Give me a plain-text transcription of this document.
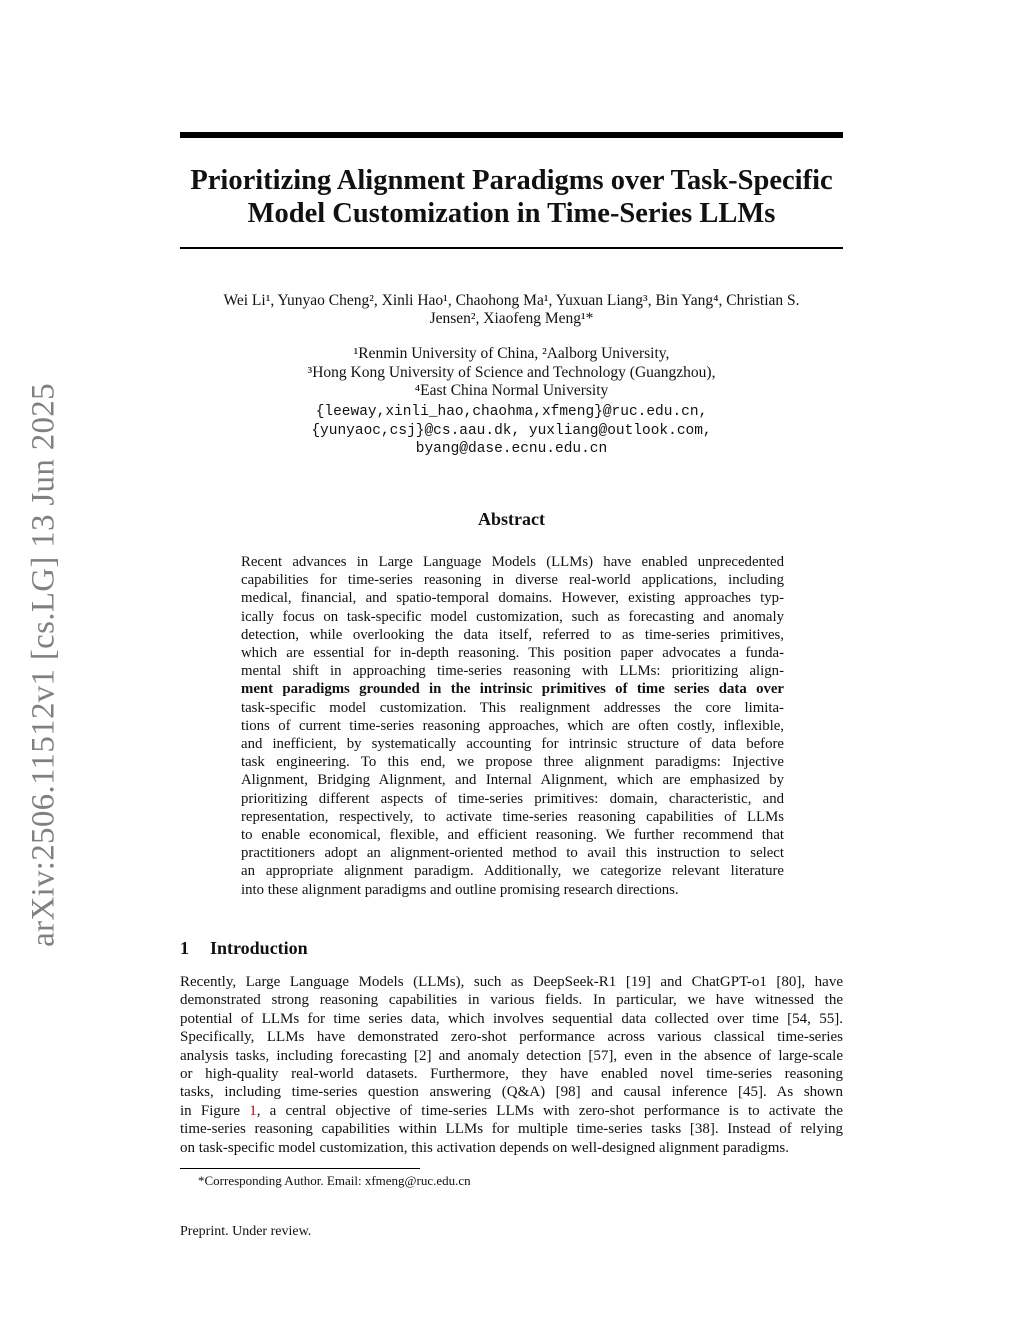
arXiv:2506.11512v1 [cs.LG] 13 Jun 2025
Prioritizing Alignment Paradigms over Task-Specific
Model Customization in Time-Series LLMs
Wei Li¹, Yunyao Cheng², Xinli Hao¹, Chaohong Ma¹, Yuxuan Liang³, Bin Yang⁴, Christian S.
Jensen², Xiaofeng Meng¹*
¹Renmin University of China, ²Aalborg University,
³Hong Kong University of Science and Technology (Guangzhou),
⁴East China Normal University
{leeway,xinli_hao,chaohma,xfmeng}@ruc.edu.cn,
{yunyaoc,csj}@cs.aau.dk, yuxliang@outlook.com,
byang@dase.ecnu.edu.cn
Abstract
Recent advances in Large Language Models (LLMs) have enabled unprecedented
capabilities for time-series reasoning in diverse real-world applications, including
medical, financial, and spatio-temporal domains. However, existing approaches typ-
ically focus on task-specific model customization, such as forecasting and anomaly
detection, while overlooking the data itself, referred to as time-series primitives,
which are essential for in-depth reasoning. This position paper advocates a funda-
mental shift in approaching time-series reasoning with LLMs: prioritizing align-
ment paradigms grounded in the intrinsic primitives of time series data over
task-specific model customization. This realignment addresses the core limita-
tions of current time-series reasoning approaches, which are often costly, inflexible,
and inefficient, by systematically accounting for intrinsic structure of data before
task engineering. To this end, we propose three alignment paradigms: Injective
Alignment, Bridging Alignment, and Internal Alignment, which are emphasized by
prioritizing different aspects of time-series primitives: domain, characteristic, and
representation, respectively, to activate time-series reasoning capabilities of LLMs
to enable economical, flexible, and efficient reasoning. We further recommend that
practitioners adopt an alignment-oriented method to avail this instruction to select
an appropriate alignment paradigm. Additionally, we categorize relevant literature
into these alignment paradigms and outline promising research directions.
1 Introduction
Recently, Large Language Models (LLMs), such as DeepSeek-R1 [19] and ChatGPT-o1 [80], have
demonstrated strong reasoning capabilities in various fields. In particular, we have witnessed the
potential of LLMs for time series data, which involves sequential data collected over time [54, 55].
Specifically, LLMs have demonstrated zero-shot performance across various classical time-series
analysis tasks, including forecasting [2] and anomaly detection [57], even in the absence of large-scale
or high-quality real-world datasets. Furthermore, they have enabled novel time-series reasoning
tasks, including time-series question answering (Q&A) [98] and causal inference [45]. As shown
in Figure 1, a central objective of time-series LLMs with zero-shot performance is to activate the
time-series reasoning capabilities within LLMs for multiple time-series tasks [38]. Instead of relying
on task-specific model customization, this activation depends on well-designed alignment paradigms.
*Corresponding Author. Email: xfmeng@ruc.edu.cn
Preprint. Under review.
